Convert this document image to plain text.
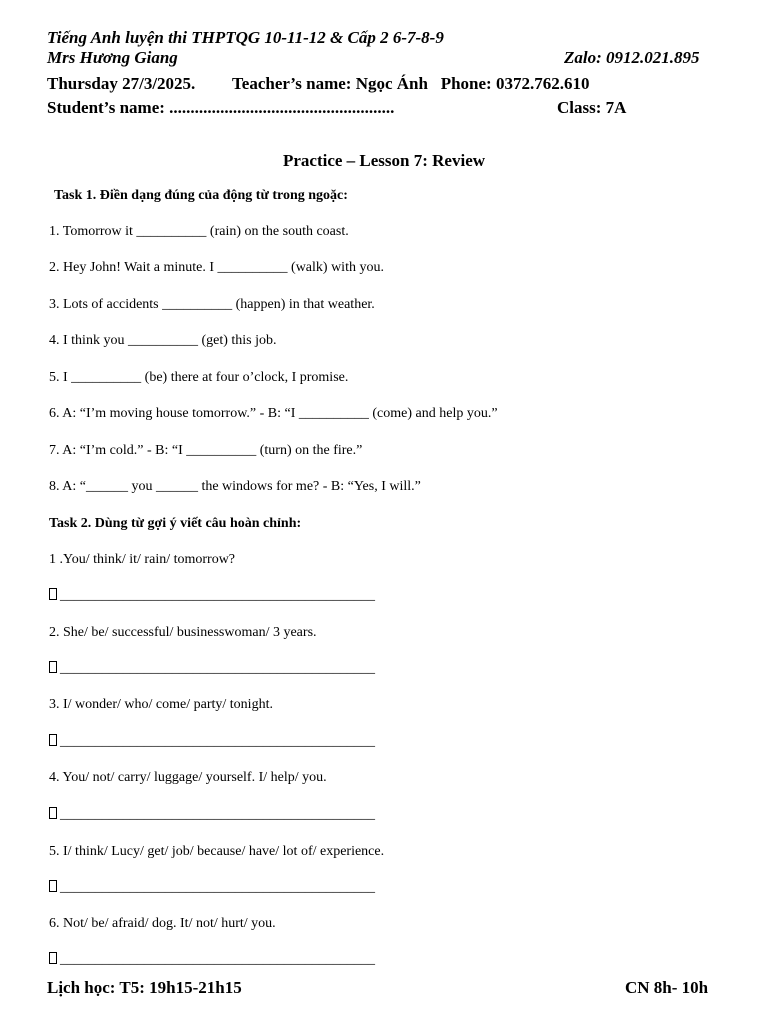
Tiếng Anh luyện thi THPTQG 10-11-12 & Cấp 2 6-7-8-9
Mrs Hương Giang	Zalo: 0912.021.895
Thursday 27/3/2025. Teacher’s name: Ngọc Ánh   Phone: 0372.762.610
Student’s name: .....................................................	Class: 7A
Practice – Lesson 7: Review
Task 1. Điền dạng đúng của động từ trong ngoặc:
1. Tomorrow it __________ (rain) on the south coast.
2. Hey John! Wait a minute. I __________ (walk) with you.
3. Lots of accidents __________ (happen) in that weather.
4. I think you __________ (get) this job.
5. I __________ (be) there at four o’clock, I promise.
6. A: “I’m moving house tomorrow.” - B: “I __________ (come) and help you.”
7. A: “I’m cold.” - B: “I __________ (turn) on the fire.”
8. A: “______ you ______ the windows for me? - B: “Yes, I will.”
Task 2. Dùng từ gợi ý viết câu hoàn chỉnh:
1 .You/ think/ it/ rain/ tomorrow?
_____________________________________________
2. She/ be/ successful/ businesswoman/ 3 years.
_____________________________________________
3. I/ wonder/ who/ come/ party/ tonight.
_____________________________________________
4. You/ not/ carry/ luggage/ yourself. I/ help/ you.
_____________________________________________
5. I/ think/ Lucy/ get/ job/ because/ have/ lot of/ experience.
_____________________________________________
6. Not/ be/ afraid/ dog. It/ not/ hurt/ you.
_____________________________________________
Lịch học: T5: 19h15-21h15	CN 8h- 10h
